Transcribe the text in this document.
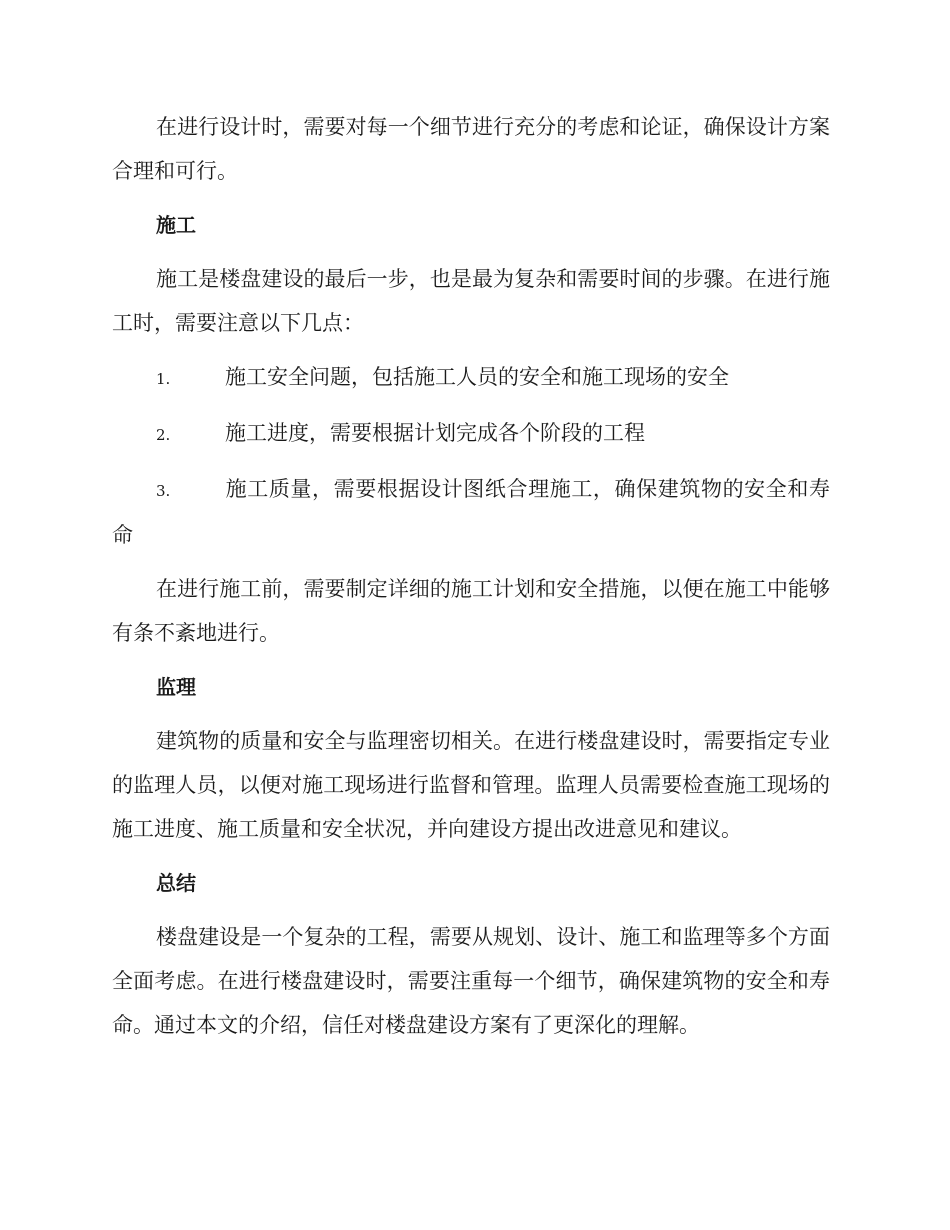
在进行设计时，需要对每一个细节进行充分的考虑和论证，确保设计方案合理和可行。

施工

施工是楼盘建设的最后一步，也是最为复杂和需要时间的步骤。在进行施工时，需要注意以下几点：

1.	施工安全问题，包括施工人员的安全和施工现场的安全
2.	施工进度，需要根据计划完成各个阶段的工程
3.	施工质量，需要根据设计图纸合理施工，确保建筑物的安全和寿命

在进行施工前，需要制定详细的施工计划和安全措施，以便在施工中能够有条不紊地进行。

监理

建筑物的质量和安全与监理密切相关。在进行楼盘建设时，需要指定专业的监理人员，以便对施工现场进行监督和管理。监理人员需要检查施工现场的施工进度、施工质量和安全状况，并向建设方提出改进意见和建议。

总结

楼盘建设是一个复杂的工程，需要从规划、设计、施工和监理等多个方面全面考虑。在进行楼盘建设时，需要注重每一个细节，确保建筑物的安全和寿命。通过本文的介绍，信任对楼盘建设方案有了更深化的理解。
